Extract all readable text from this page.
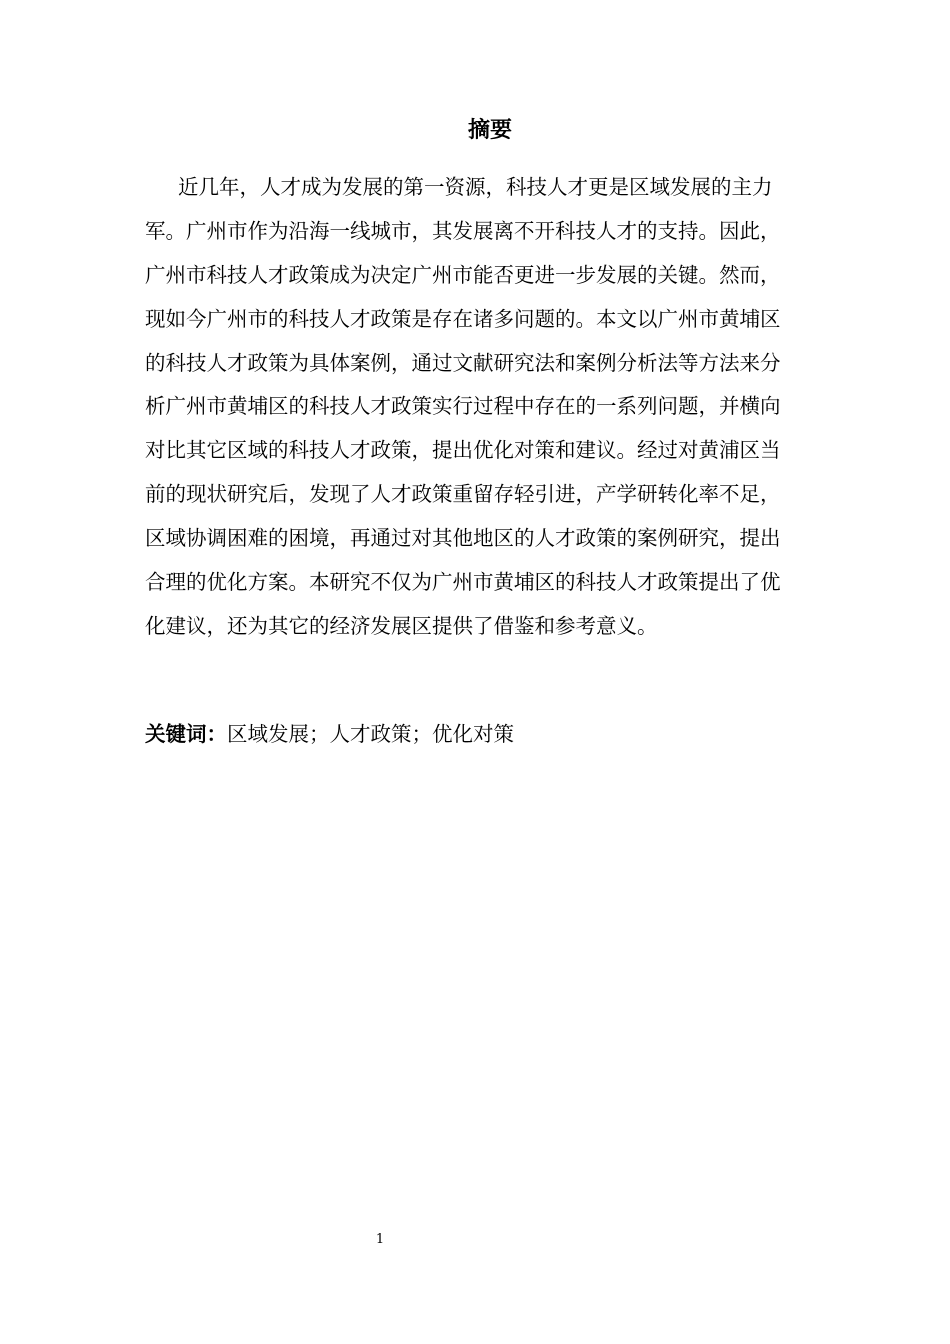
摘要
近几年，人才成为发展的第一资源，科技人才更是区域发展的主力
军。广州市作为沿海一线城市，其发展离不开科技人才的支持。因此，
广州市科技人才政策成为决定广州市能否更进一步发展的关键。然而，
现如今广州市的科技人才政策是存在诸多问题的。本文以广州市黄埔区
的科技人才政策为具体案例，通过文献研究法和案例分析法等方法来分
析广州市黄埔区的科技人才政策实行过程中存在的一系列问题，并横向
对比其它区域的科技人才政策，提出优化对策和建议。经过对黄浦区当
前的现状研究后，发现了人才政策重留存轻引进，产学研转化率不足，
区域协调困难的困境，再通过对其他地区的人才政策的案例研究，提出
合理的优化方案。本研究不仅为广州市黄埔区的科技人才政策提出了优
化建议，还为其它的经济发展区提供了借鉴和参考意义。
关键词：区域发展；人才政策；优化对策
1
